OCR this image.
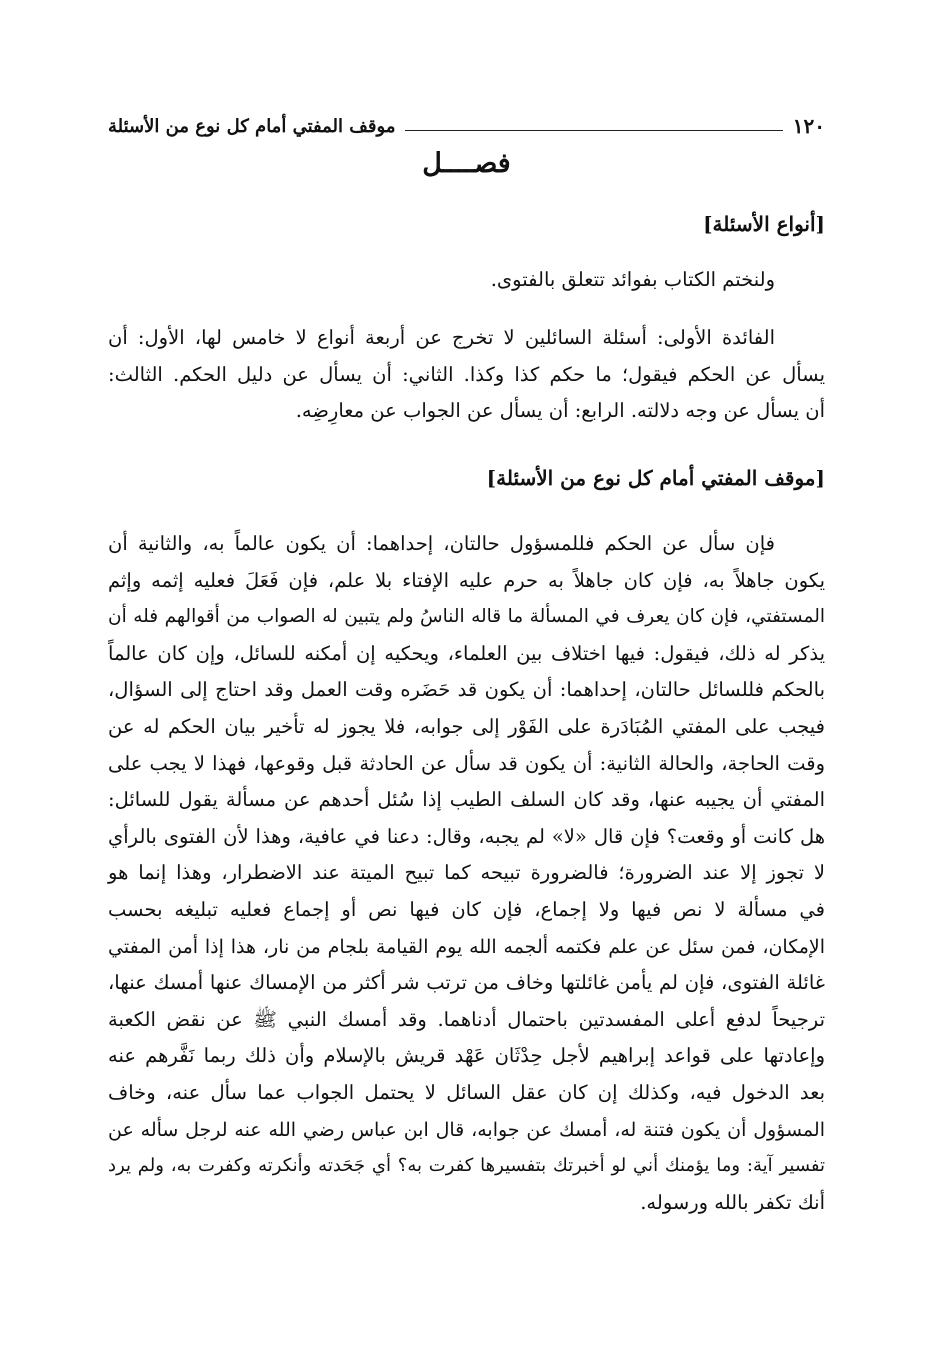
١٢٠
موقف المفتي أمام كل نوع من الأسئلة
فصــــل
[أنواع الأسئلة]
ولنختم الكتاب بفوائد تتعلق بالفتوى.
الفائدة الأولى: أسئلة السائلين لا تخرج عن أربعة أنواع لا خامس لها، الأول: أن
يسأل عن الحكم فيقول؛ ما حكم كذا وكذا. الثاني: أن يسأل عن دليل الحكم. الثالث:
أن يسأل عن وجه دلالته. الرابع: أن يسأل عن الجواب عن معارِضِه.
[موقف المفتي أمام كل نوع من الأسئلة]
فإن سأل عن الحكم فللمسؤول حالتان، إحداهما: أن يكون عالماً به، والثانية أن
يكون جاهلاً به، فإن كان جاهلاً به حرم عليه الإفتاء بلا علم، فإن فَعَلَ فعليه إثمه وإثم
المستفتي، فإن كان يعرف في المسألة ما قاله الناسُ ولم يتبين له الصواب من أقوالهم فله أن
يذكر له ذلك، فيقول: فيها اختلاف بين العلماء، ويحكيه إن أمكنه للسائل، وإن كان عالماً
بالحكم فللسائل حالتان، إحداهما: أن يكون قد حَضَره وقت العمل وقد احتاج إلى السؤال،
فيجب على المفتي المُبَادَرة على الفَوْر إلى جوابه، فلا يجوز له تأخير بيان الحكم له عن
وقت الحاجة، والحالة الثانية: أن يكون قد سأل عن الحادثة قبل وقوعها، فهذا لا يجب على
المفتي أن يجيبه عنها، وقد كان السلف الطيب إذا سُئل أحدهم عن مسألة يقول للسائل:
هل كانت أو وقعت؟ فإن قال «لا» لم يجبه، وقال: دعنا في عافية، وهذا لأن الفتوى بالرأي
لا تجوز إلا عند الضرورة؛ فالضرورة تبيحه كما تبيح الميتة عند الاضطرار، وهذا إنما هو
في مسألة لا نص فيها ولا إجماع، فإن كان فيها نص أو إجماع فعليه تبليغه بحسب
الإمكان، فمن سئل عن علم فكتمه ألجمه الله يوم القيامة بلجام من نار، هذا إذا أمن المفتي
غائلة الفتوى، فإن لم يأمن غائلتها وخاف من ترتب شر أكثر من الإمساك عنها أمسك عنها،
ترجيحاً لدفع أعلى المفسدتين باحتمال أدناهما. وقد أمسك النبي ﷺ عن نقض الكعبة
وإعادتها على قواعد إبراهيم لأجل حِدْثَان عَهْد قريش بالإسلام وأن ذلك ربما نَفَّرهم عنه
بعد الدخول فيه، وكذلك إن كان عقل السائل لا يحتمل الجواب عما سأل عنه، وخاف
المسؤول أن يكون فتنة له، أمسك عن جوابه، قال ابن عباس رضي الله عنه لرجل سأله عن
تفسير آية: وما يؤمنك أني لو أخبرتك بتفسيرها كفرت به؟ أي جَحَدته وأنكرته وكفرت به، ولم يرد
أنك تكفر بالله ورسوله.
